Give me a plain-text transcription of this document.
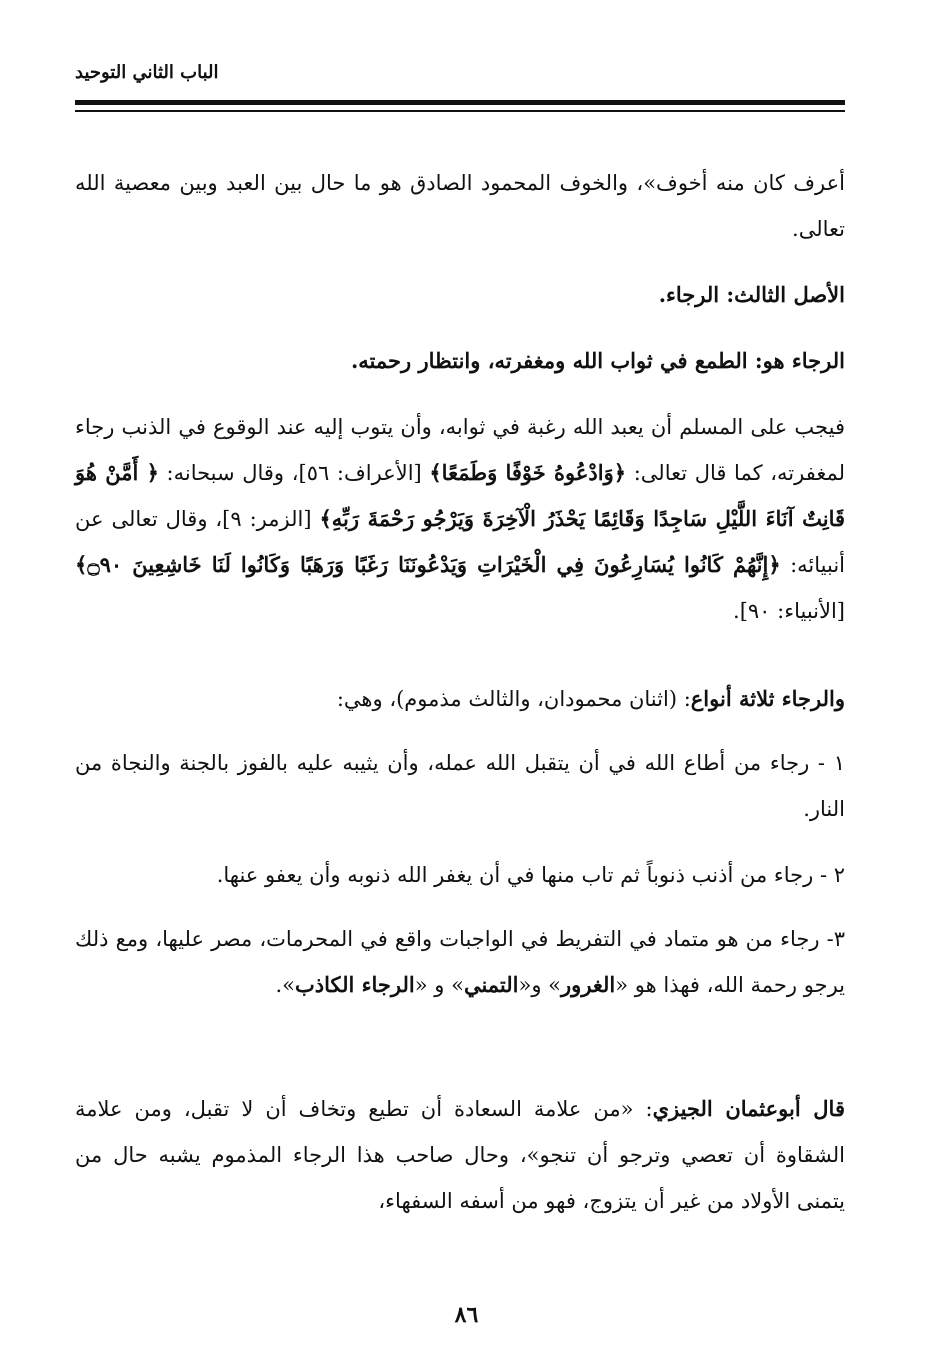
الباب الثاني التوحيد

أعرف كان منه أخوف»، والخوف المحمود الصادق هو ما حال بين العبد وبين معصية الله تعالى.

الأصل الثالث: الرجاء.

الرجاء هو: الطمع في ثواب الله ومغفرته، وانتظار رحمته.

فيجب على المسلم أن يعبد الله رغبة في ثوابه، وأن يتوب إليه عند الوقوع في الذنب رجاء لمغفرته، كما قال تعالى: ﴿وَادْعُوهُ خَوْفًا وَطَمَعًا﴾ [الأعراف: ٥٦]، وقال سبحانه: ﴿ أَمَّنْ هُوَ قَانِتٌ آنَاءَ اللَّيْلِ سَاجِدًا وَقَائِمًا يَحْذَرُ الْآخِرَةَ وَيَرْجُو رَحْمَةَ رَبِّهِ﴾ [الزمر: ٩]، وقال تعالى عن أنبيائه: ﴿إِنَّهُمْ كَانُوا يُسَارِعُونَ فِي الْخَيْرَاتِ وَيَدْعُونَنَا رَغَبًا وَرَهَبًا وَكَانُوا لَنَا خَاشِعِينَ ۝٩٠﴾ [الأنبياء: ٩٠].

والرجاء ثلاثة أنواع: (اثنان محمودان، والثالث مذموم)، وهي:

١ - رجاء من أطاع الله في أن يتقبل الله عمله، وأن يثيبه عليه بالفوز بالجنة والنجاة من النار.

٢ - رجاء من أذنب ذنوباً ثم تاب منها في أن يغفر الله ذنوبه وأن يعفو عنها.

٣- رجاء من هو متماد في التفريط في الواجبات واقع في المحرمات، مصر عليها، ومع ذلك يرجو رحمة الله، فهذا هو «الغرور» و«التمني» و «الرجاء الكاذب».

قال أبوعثمان الجيزي: «من علامة السعادة أن تطيع وتخاف أن لا تقبل، ومن علامة الشقاوة أن تعصي وترجو أن تنجو»، وحال صاحب هذا الرجاء المذموم يشبه حال من يتمنى الأولاد من غير أن يتزوج، فهو من أسفه السفهاء،

٨٦
